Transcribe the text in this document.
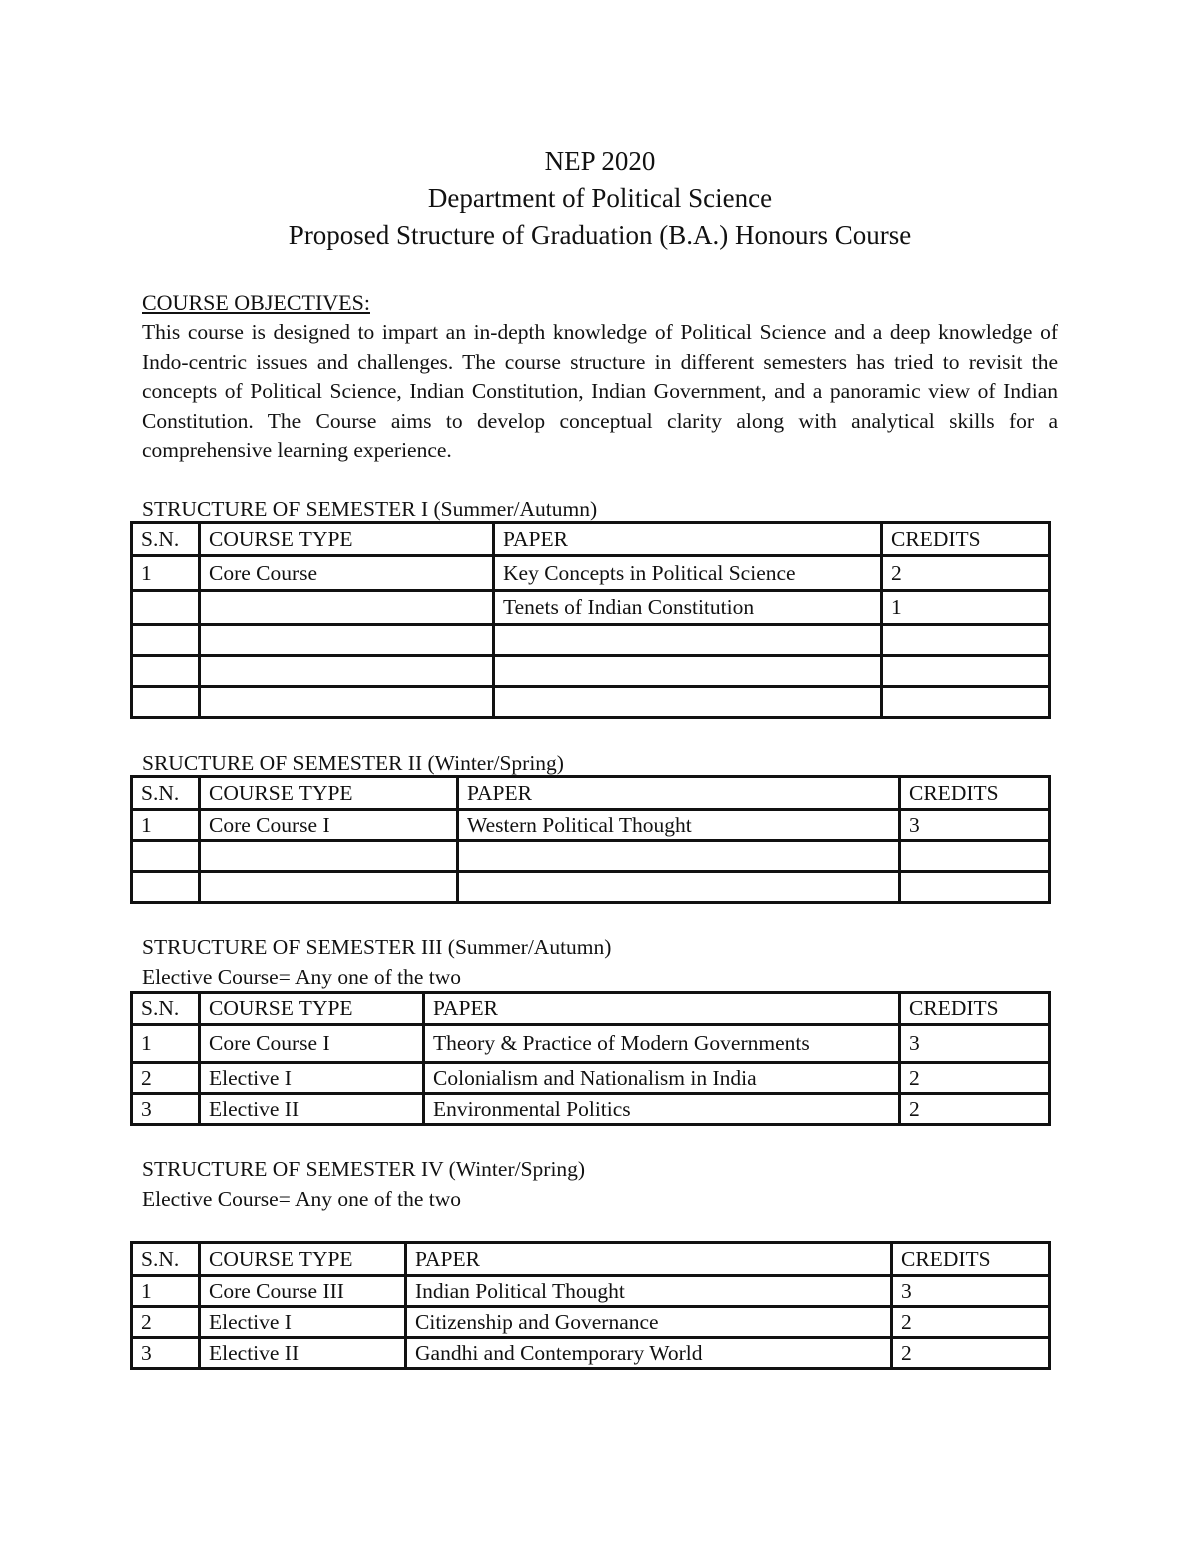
NEP 2020
Department of Political Science
Proposed Structure of Graduation (B.A.) Honours Course
COURSE OBJECTIVES:
This course is designed to impart an in-depth knowledge of Political Science and a deep knowledge of Indo-centric issues and challenges. The course structure in different semesters has tried to revisit the concepts of Political Science, Indian Constitution, Indian Government, and a panoramic view of Indian Constitution. The Course aims to develop conceptual clarity along with analytical skills for a comprehensive learning experience.
STRUCTURE OF SEMESTER I (Summer/Autumn)
S.N.	COURSE TYPE	PAPER	CREDITS
1	Core Course	Key Concepts in Political Science	2
		Tenets of Indian Constitution	1

SRUCTURE OF SEMESTER II (Winter/Spring)
S.N.	COURSE TYPE	PAPER	CREDITS
1	Core Course I	Western Political Thought	3

STRUCTURE OF SEMESTER III (Summer/Autumn)
Elective Course= Any one of the two
S.N.	COURSE TYPE	PAPER	CREDITS
1	Core Course I	Theory & Practice of Modern Governments	3
2	Elective I	Colonialism and Nationalism in India	2
3	Elective II	Environmental Politics	2
STRUCTURE OF SEMESTER IV (Winter/Spring)
Elective Course= Any one of the two
S.N.	COURSE TYPE	PAPER	CREDITS
1	Core Course III	Indian Political Thought	3
2	Elective I	Citizenship and Governance	2
3	Elective II	Gandhi and Contemporary World	2
